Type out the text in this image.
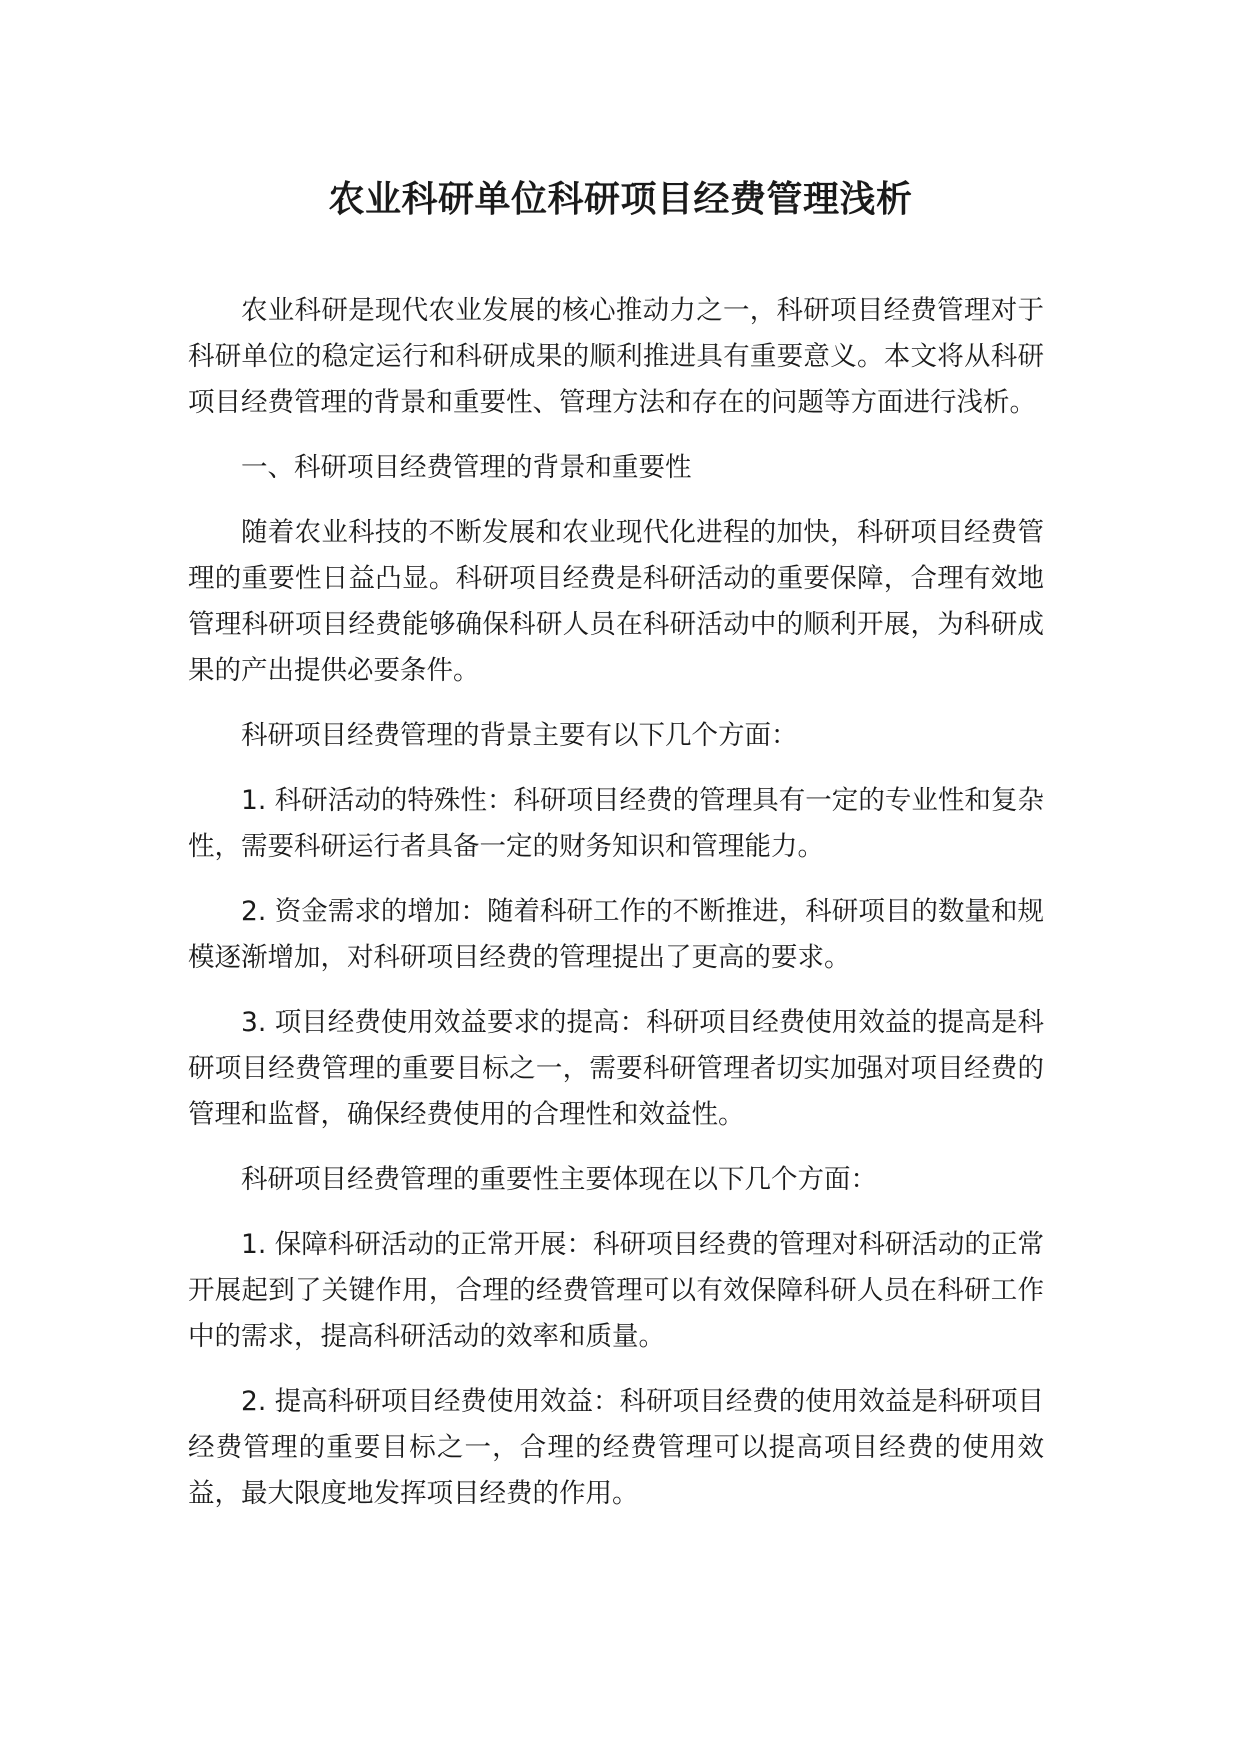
农业科研单位科研项目经费管理浅析

农业科研是现代农业发展的核心推动力之一，科研项目经费管理对于科研单位的稳定运行和科研成果的顺利推进具有重要意义。本文将从科研项目经费管理的背景和重要性、管理方法和存在的问题等方面进行浅析。

一、科研项目经费管理的背景和重要性

随着农业科技的不断发展和农业现代化进程的加快，科研项目经费管理的重要性日益凸显。科研项目经费是科研活动的重要保障，合理有效地管理科研项目经费能够确保科研人员在科研活动中的顺利开展，为科研成果的产出提供必要条件。

科研项目经费管理的背景主要有以下几个方面：

1. 科研活动的特殊性：科研项目经费的管理具有一定的专业性和复杂性，需要科研运行者具备一定的财务知识和管理能力。

2. 资金需求的增加：随着科研工作的不断推进，科研项目的数量和规模逐渐增加，对科研项目经费的管理提出了更高的要求。

3. 项目经费使用效益要求的提高：科研项目经费使用效益的提高是科研项目经费管理的重要目标之一，需要科研管理者切实加强对项目经费的管理和监督，确保经费使用的合理性和效益性。

科研项目经费管理的重要性主要体现在以下几个方面：

1. 保障科研活动的正常开展：科研项目经费的管理对科研活动的正常开展起到了关键作用，合理的经费管理可以有效保障科研人员在科研工作中的需求，提高科研活动的效率和质量。

2. 提高科研项目经费使用效益：科研项目经费的使用效益是科研项目经费管理的重要目标之一，合理的经费管理可以提高项目经费的使用效益，最大限度地发挥项目经费的作用。
